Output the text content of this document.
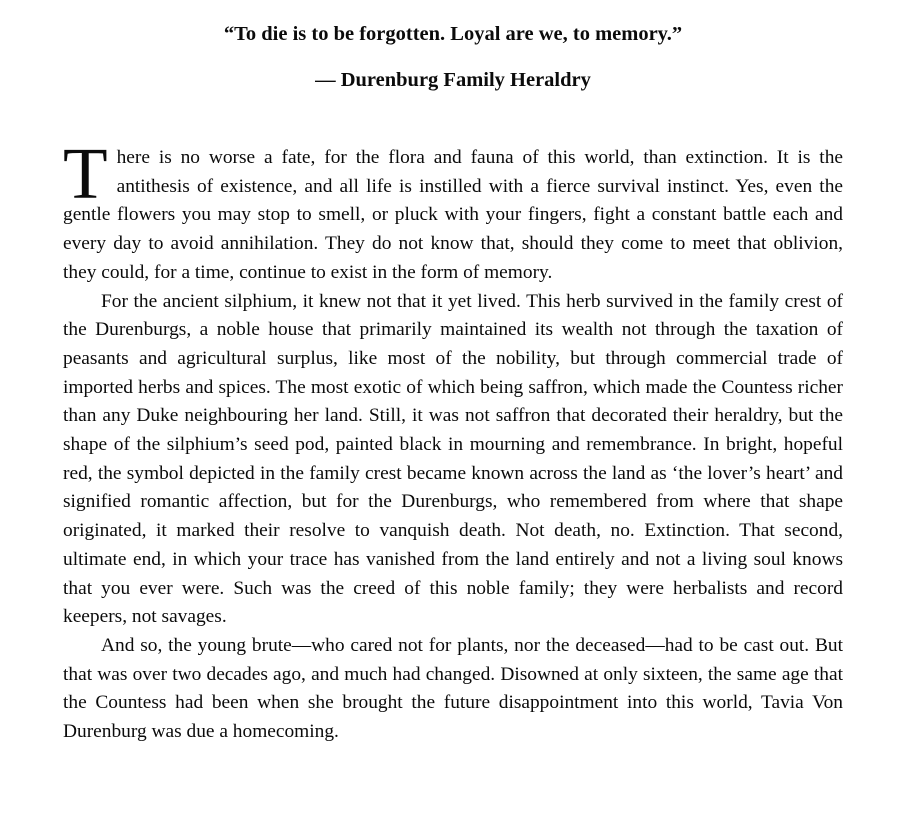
“To die is to be forgotten. Loyal are we, to memory.”

— Durenburg Family Heraldry

There is no worse a fate, for the flora and fauna of this world, than extinction. It is the antithesis of existence, and all life is instilled with a fierce survival instinct. Yes, even the gentle flowers you may stop to smell, or pluck with your fingers, fight a constant battle each and every day to avoid annihilation. They do not know that, should they come to meet that oblivion, they could, for a time, continue to exist in the form of memory.

For the ancient silphium, it knew not that it yet lived. This herb survived in the family crest of the Durenburgs, a noble house that primarily maintained its wealth not through the taxation of peasants and agricultural surplus, like most of the nobility, but through commercial trade of imported herbs and spices. The most exotic of which being saffron, which made the Countess richer than any Duke neighbouring her land. Still, it was not saffron that decorated their heraldry, but the shape of the silphium’s seed pod, painted black in mourning and remembrance. In bright, hopeful red, the symbol depicted in the family crest became known across the land as ‘the lover’s heart’ and signified romantic affection, but for the Durenburgs, who remembered from where that shape originated, it marked their resolve to vanquish death. Not death, no. Extinction. That second, ultimate end, in which your trace has vanished from the land entirely and not a living soul knows that you ever were. Such was the creed of this noble family; they were herbalists and record keepers, not savages.

And so, the young brute—who cared not for plants, nor the deceased—had to be cast out. But that was over two decades ago, and much had changed. Disowned at only sixteen, the same age that the Countess had been when she brought the future disappointment into this world, Tavia Von Durenburg was due a homecoming.
